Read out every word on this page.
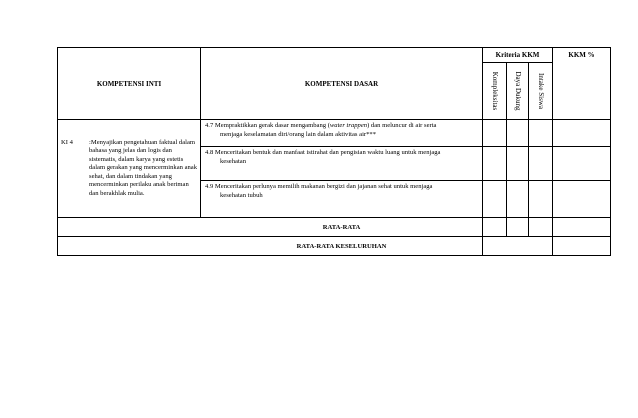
KOMPETENSI INTI	KOMPETENSI DASAR	Kriteria KKM			KKM %

		Kompleksitas	Daya Dukung	Intake Siswa	

KI 4 :Menyajikan pengetahuan faktual dalam bahasa yang jelas dan logis dan sistematis, dalam karya yang estetis dalam gerakan yang mencerminkan anak sehat, dan dalam tindakan yang mencerminkan perilaku anak beriman dan berakhlak mulia.	4.7 Mempraktikkan gerak dasar mengambang (water trappen) dan meluncur di air serta
menjaga keselamatan diri/orang lain dalam aktivitas air***				

	4.8 Menceritakan bentuk dan manfaat istirahat dan pengisian waktu luang untuk menjaga
kesehatan				

	4.9 Menceritakan perlunya memilih makanan bergizi dan jajanan sehat untuk menjaga
kesehatan tubuh				

RATA-RATA					
RATA-RATA KESELURUHAN					
